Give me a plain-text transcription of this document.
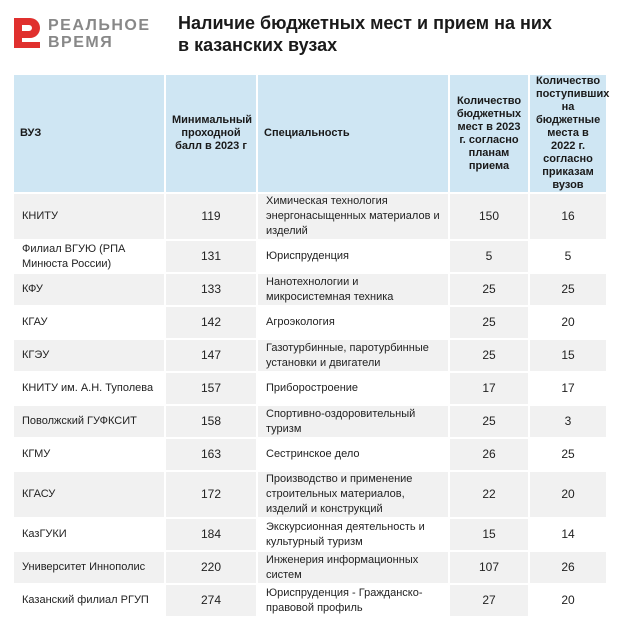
РЕАЛЬНОЕ
ВРЕМЯ
Наличие бюджетных мест и прием на них
в казанских вузах
ВУЗ	Минимальный проходной балл в 2023 г	Специальность	Количество бюджетных мест в 2023 г. согласно планам приема	Количество поступивших на бюджетные места в 2022 г. согласно приказам вузов
КНИТУ	119	Химическая технология энергонасыщенных материалов и изделий	150	16
Филиал ВГУЮ (РПА Минюста России)	131	Юриспруденция	5	5
КФУ	133	Нанотехнологии и микросистемная техника	25	25
КГАУ	142	Агроэкология	25	20
КГЭУ	147	Газотурбинные, паротурбинные установки и двигатели	25	15
КНИТУ им. А.Н. Туполева	157	Приборостроение	17	17
Поволжский ГУФКСИТ	158	Спортивно-оздоровительный туризм	25	3
КГМУ	163	Сестринское дело	26	25
КГАСУ	172	Производство и применение строительных материалов, изделий и конструкций	22	20
КазГУКИ	184	Экскурсионная деятельность и культурный туризм	15	14
Университет Иннополис	220	Инженерия информационных систем	107	26
Казанский филиал РГУП	274	Юриспруденция - Гражданско-правовой профиль	27	20
